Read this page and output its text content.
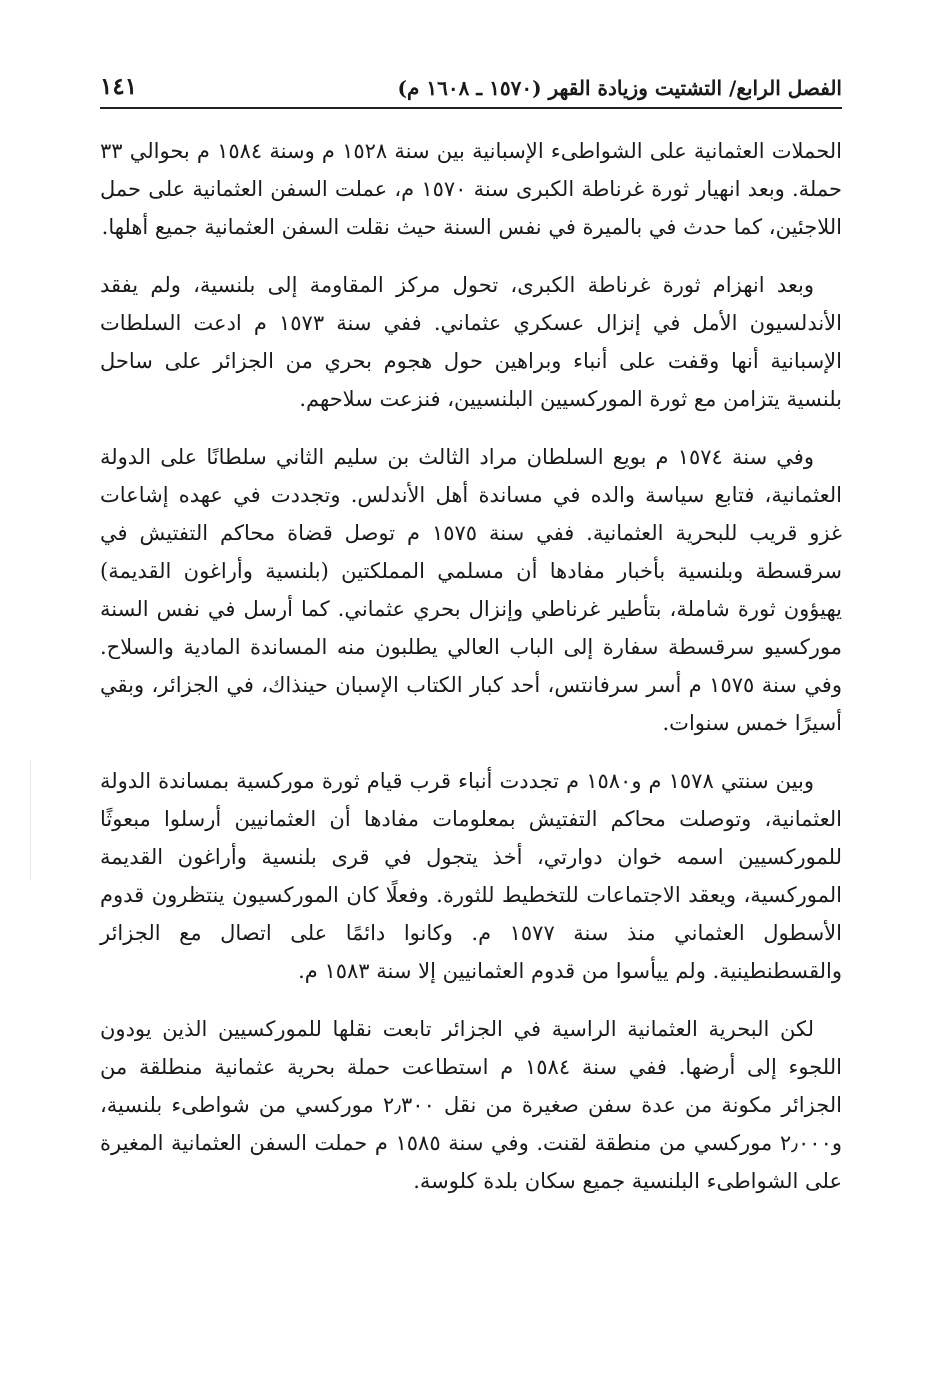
١٤١	الفصل الرابع/ التشتيت وزيادة القهر (١٥٧٠ ـ ١٦٠٨ م)

الحملات العثمانية على الشواطىء الإسبانية بين سنة ١٥٢٨ م وسنة ١٥٨٤ م بحوالي ٣٣ حملة. وبعد انهيار ثورة غرناطة الكبرى سنة ١٥٧٠ م، عملت السفن العثمانية على حمل اللاجئين، كما حدث في بالميرة في نفس السنة حيث نقلت السفن العثمانية جميع أهلها.

وبعد انهزام ثورة غرناطة الكبرى، تحول مركز المقاومة إلى بلنسية، ولم يفقد الأندلسيون الأمل في إنزال عسكري عثماني. ففي سنة ١٥٧٣ م ادعت السلطات الإسبانية أنها وقفت على أنباء وبراهين حول هجوم بحري من الجزائر على ساحل بلنسية يتزامن مع ثورة الموركسيين البلنسيين، فنزعت سلاحهم.

وفي سنة ١٥٧٤ م بويع السلطان مراد الثالث بن سليم الثاني سلطانًا على الدولة العثمانية، فتابع سياسة والده في مساندة أهل الأندلس. وتجددت في عهده إشاعات غزو قريب للبحرية العثمانية. ففي سنة ١٥٧٥ م توصل قضاة محاكم التفتيش في سرقسطة وبلنسية بأخبار مفادها أن مسلمي المملكتين (بلنسية وأراغون القديمة) يهيؤون ثورة شاملة، بتأطير غرناطي وإنزال بحري عثماني. كما أرسل في نفس السنة موركسيو سرقسطة سفارة إلى الباب العالي يطلبون منه المساندة المادية والسلاح. وفي سنة ١٥٧٥ م أسر سرفانتس، أحد كبار الكتاب الإسبان حينذاك، في الجزائر، وبقي أسيرًا خمس سنوات.

وبين سنتي ١٥٧٨ م و١٥٨٠ م تجددت أنباء قرب قيام ثورة موركسية بمساندة الدولة العثمانية، وتوصلت محاكم التفتيش بمعلومات مفادها أن العثمانيين أرسلوا مبعوثًا للموركسيين اسمه خوان دوارتي، أخذ يتجول في قرى بلنسية وأراغون القديمة الموركسية، ويعقد الاجتماعات للتخطيط للثورة. وفعلًا كان الموركسيون ينتظرون قدوم الأسطول العثماني منذ سنة ١٥٧٧ م. وكانوا دائمًا على اتصال مع الجزائر والقسطنطينية. ولم ييأسوا من قدوم العثمانيين إلا سنة ١٥٨٣ م.

لكن البحرية العثمانية الراسية في الجزائر تابعت نقلها للموركسيين الذين يودون اللجوء إلى أرضها. ففي سنة ١٥٨٤ م استطاعت حملة بحرية عثمانية منطلقة من الجزائر مكونة من عدة سفن صغيرة من نقل ٢٫٣٠٠ موركسي من شواطىء بلنسية، و٢٫٠٠٠ موركسي من منطقة لقنت. وفي سنة ١٥٨٥ م حملت السفن العثمانية المغيرة على الشواطىء البلنسية جميع سكان بلدة كلوسة.
